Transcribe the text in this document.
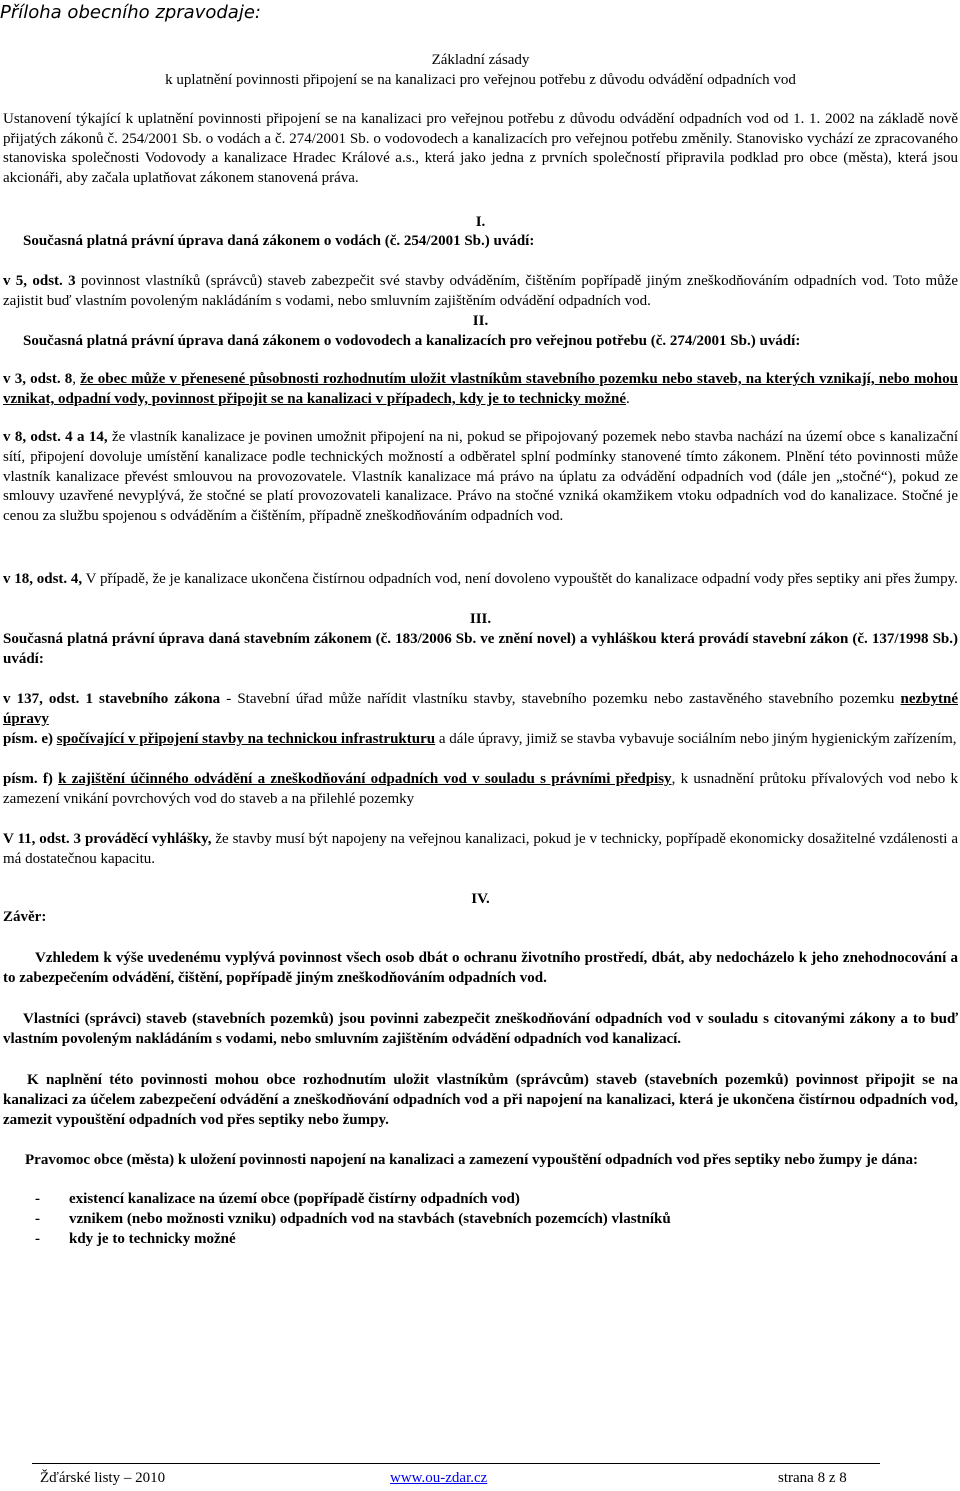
Příloha obecního zpravodaje:
Základní zásady
k uplatnění povinnosti připojení se na kanalizaci pro veřejnou potřebu z důvodu odvádění odpadních vod

Ustanovení týkající k uplatnění povinnosti připojení se na kanalizaci pro veřejnou potřebu z důvodu odvádění odpadních vod od 1. 1. 2002 na základě nově přijatých zákonů č. 254/2001 Sb. o vodách a č. 274/2001 Sb. o vodovodech a kanalizacích pro veřejnou potřebu změnily. Stanovisko vychází ze zpracovaného stanoviska společnosti Vodovody a kanalizace Hradec Králové a.s., která jako jedna z prvních společností připravila podklad pro obce (města), která jsou akcionáři, aby začala uplatňovat zákonem stanovená práva.

I.
Současná platná právní úprava daná zákonem o vodách (č. 254/2001 Sb.) uvádí:

v 5, odst. 3 povinnost vlastníků (správců) staveb zabezpečit své stavby odváděním, čištěním popřípadě jiným zneškodňováním odpadních vod. Toto může zajistit buď vlastním povoleným nakládáním s vodami, nebo smluvním zajištěním odvádění odpadních vod.

II.
Současná platná právní úprava daná zákonem o vodovodech a kanalizacích pro veřejnou potřebu (č. 274/2001 Sb.) uvádí:

v 3, odst. 8, že obec může v přenesené působnosti rozhodnutím uložit vlastníkům stavebního pozemku nebo staveb, na kterých vznikají, nebo mohou vznikat, odpadní vody, povinnost připojit se na kanalizaci v případech, kdy je to technicky možné.

v 8, odst. 4 a 14, že vlastník kanalizace je povinen umožnit připojení na ni, pokud se připojovaný pozemek nebo stavba nachází na území obce s kanalizační sítí, připojení dovoluje umístění kanalizace podle technických možností a odběratel splní podmínky stanovené tímto zákonem. Plnění této povinnosti může vlastník kanalizace převést smlouvou na provozovatele. Vlastník kanalizace má právo na úplatu za odvádění odpadních vod (dále jen „stočné“), pokud ze smlouvy uzavřené nevyplývá, že stočné se platí provozovateli kanalizace. Právo na stočné vzniká okamžikem vtoku odpadních vod do kanalizace. Stočné je cenou za službu spojenou s odváděním a čištěním, případně zneškodňováním odpadních vod.

v 18, odst. 4, V případě, že je kanalizace ukončena čistírnou odpadních vod, není dovoleno vypouštět do kanalizace odpadní vody přes septiky ani přes žumpy.

III.
Současná platná právní úprava daná stavebním zákonem (č. 183/2006 Sb. ve znění novel) a vyhláškou která provádí stavební zákon (č. 137/1998 Sb.) uvádí:

v 137, odst. 1 stavebního zákona - Stavební úřad může nařídit vlastníku stavby, stavebního pozemku nebo zastavěného stavebního pozemku nezbytné úpravy

písm. e) spočívající v připojení stavby na technickou infrastrukturu a dále úpravy, jimiž se stavba vybavuje sociálním nebo jiným hygienickým zařízením,

písm. f) k zajištění účinného odvádění a zneškodňování odpadních vod v souladu s právními předpisy, k usnadnění průtoku přívalových vod nebo k zamezení vnikání povrchových vod do staveb a na přilehlé pozemky

V 11, odst. 3 prováděcí vyhlášky, že stavby musí být napojeny na veřejnou kanalizaci, pokud je v technicky, popřípadě ekonomicky dosažitelné vzdálenosti a má dostatečnou kapacitu.

IV.
Závěr:

Vzhledem k výše uvedenému vyplývá povinnost všech osob dbát o ochranu životního prostředí, dbát, aby nedocházelo k jeho znehodnocování a to zabezpečením odvádění, čištění, popřípadě jiným zneškodňováním odpadních vod.

Vlastníci (správci) staveb (stavebních pozemků) jsou povinni zabezpečit zneškodňování odpadních vod v souladu s citovanými zákony a to buď vlastním povoleným nakládáním s vodami, nebo smluvním zajištěním odvádění odpadních vod kanalizací.

K naplnění této povinnosti mohou obce rozhodnutím uložit vlastníkům (správcům) staveb (stavebních pozemků) povinnost připojit se na kanalizaci za účelem zabezpečení odvádění a zneškodňování odpadních vod a při napojení na kanalizaci, která je ukončena čistírnou odpadních vod, zamezit vypouštění odpadních vod přes septiky nebo žumpy.

Pravomoc obce (města) k uložení povinnosti napojení na kanalizaci a zamezení vypouštění odpadních vod přes septiky nebo žumpy je dána:

- existencí kanalizace na území obce (popřípadě čistírny odpadních vod)
- vznikem (nebo možnosti vzniku) odpadních vod na stavbách (stavebních pozemcích) vlastníků
- kdy je to technicky možné
Žďárské listy – 2010	www.ou-zdar.cz	strana 8 z 8
